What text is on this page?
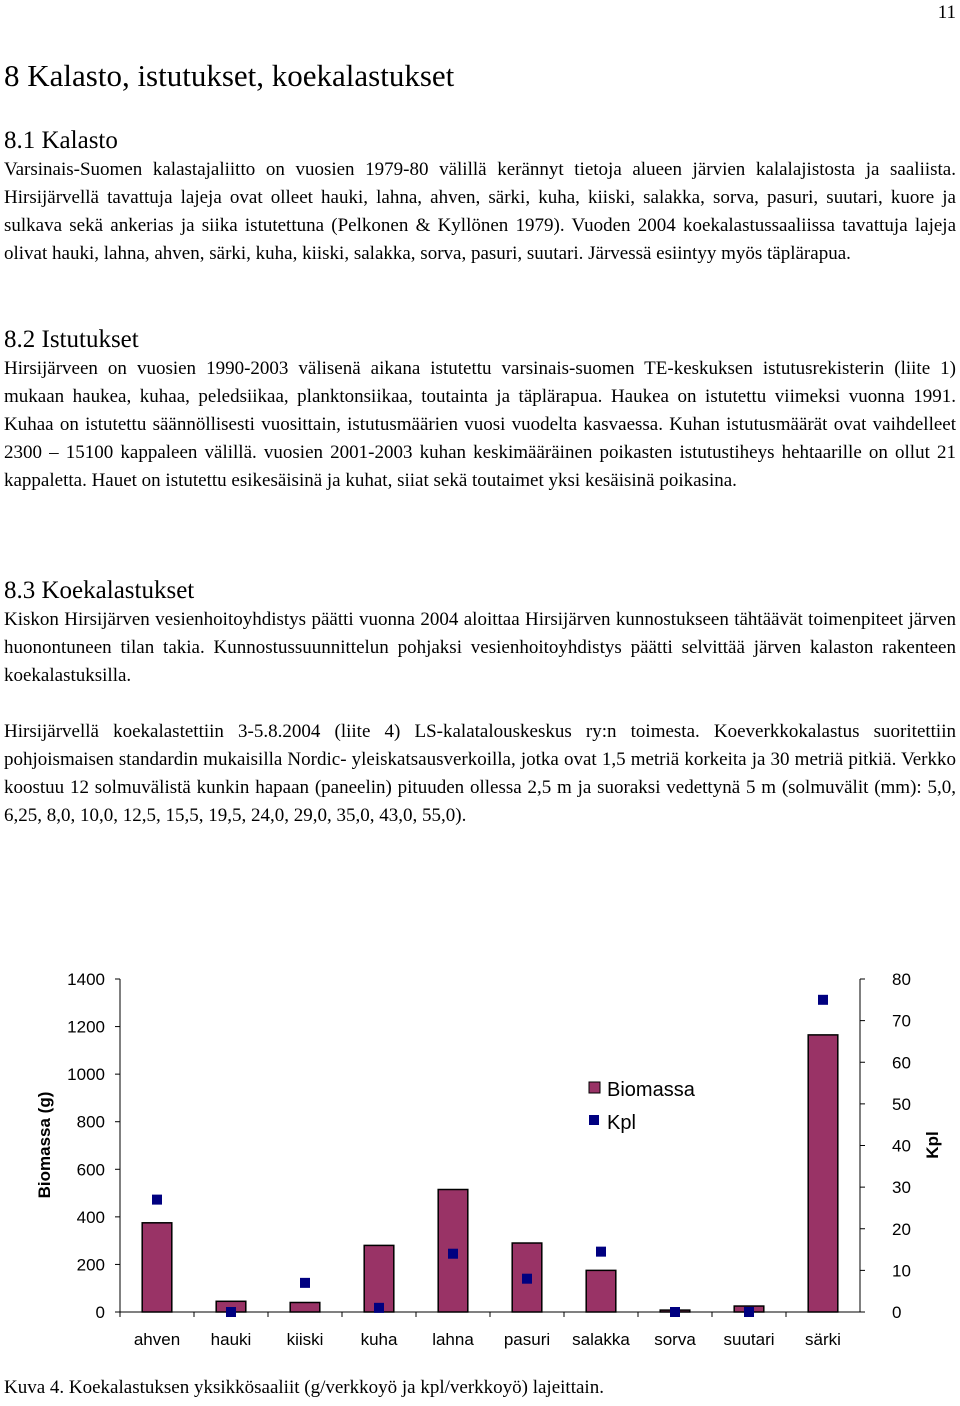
11
8 Kalasto, istutukset, koekalastukset
8.1 Kalasto

Varsinais-Suomen kalastajaliitto on vuosien 1979-80 välillä kerännyt tietoja alueen järvien kalalajistosta ja saaliista. Hirsijärvellä tavattuja lajeja ovat olleet hauki, lahna, ahven, särki, kuha, kiiski, salakka, sorva, pasuri, suutari, kuore ja sulkava sekä ankerias ja siika istutettuna (Pelkonen & Kyllönen 1979). Vuoden 2004 koekalastussaaliissa tavattuja lajeja olivat hauki, lahna, ahven, särki, kuha, kiiski, salakka, sorva, pasuri, suutari. Järvessä esiintyy myös täplärapua.

8.2 Istutukset

Hirsijärveen on vuosien 1990-2003 välisenä aikana istutettu varsinais-suomen TE-keskuksen istutusrekisterin (liite 1) mukaan haukea, kuhaa, peledsiikaa, planktonsiikaa, toutainta ja täplärapua. Haukea on istutettu viimeksi vuonna 1991. Kuhaa on istutettu säännöllisesti vuosittain, istutusmäärien vuosi vuodelta kasvaessa. Kuhan istutusmäärät ovat vaihdelleet 2300 – 15100 kappaleen välillä. vuosien 2001-2003 kuhan keskimääräinen poikasten istutustiheys hehtaarille on ollut 21 kappaletta. Hauet on istutettu esikesäisinä ja kuhat, siiat sekä toutaimet yksi kesäisinä poikasina.

8.3 Koekalastukset

Kiskon Hirsijärven vesienhoitoyhdistys päätti vuonna 2004 aloittaa Hirsijärven kunnostukseen tähtäävät toimenpiteet järven huonontuneen tilan takia. Kunnostussuunnittelun pohjaksi vesienhoitoyhdistys päätti selvittää järven kalaston rakenteen koekalastuksilla.

Hirsijärvellä koekalastettiin 3-5.8.2004 (liite 4) LS-kalatalouskeskus ry:n toimesta. Koeverkkokalastus suoritettiin pohjoismaisen standardin mukaisilla Nordic- yleiskatsausverkoilla, jotka ovat 1,5 metriä korkeita ja 30 metriä pitkiä. Verkko koostuu 12 solmuvälistä kunkin hapaan (paneelin) pituuden ollessa 2,5 m ja suoraksi vedettynä 5 m (solmuvälit (mm): 5,0, 6,25, 8,0, 10,0, 12,5, 15,5, 19,5, 24,0, 29,0, 35,0, 43,0, 55,0).

0
200
400
600
800
1000
1200
1400
0
10
20
30
40
50
60
70
80
ahven hauki kiiski kuha lahna pasuri salakka sorva suutari särki
Biomassa (g)	Kpl
Biomassa
Kpl
Kuva 4. Koekalastuksen yksikkösaaliit (g/verkkoyö ja kpl/verkkoyö) lajeittain.
